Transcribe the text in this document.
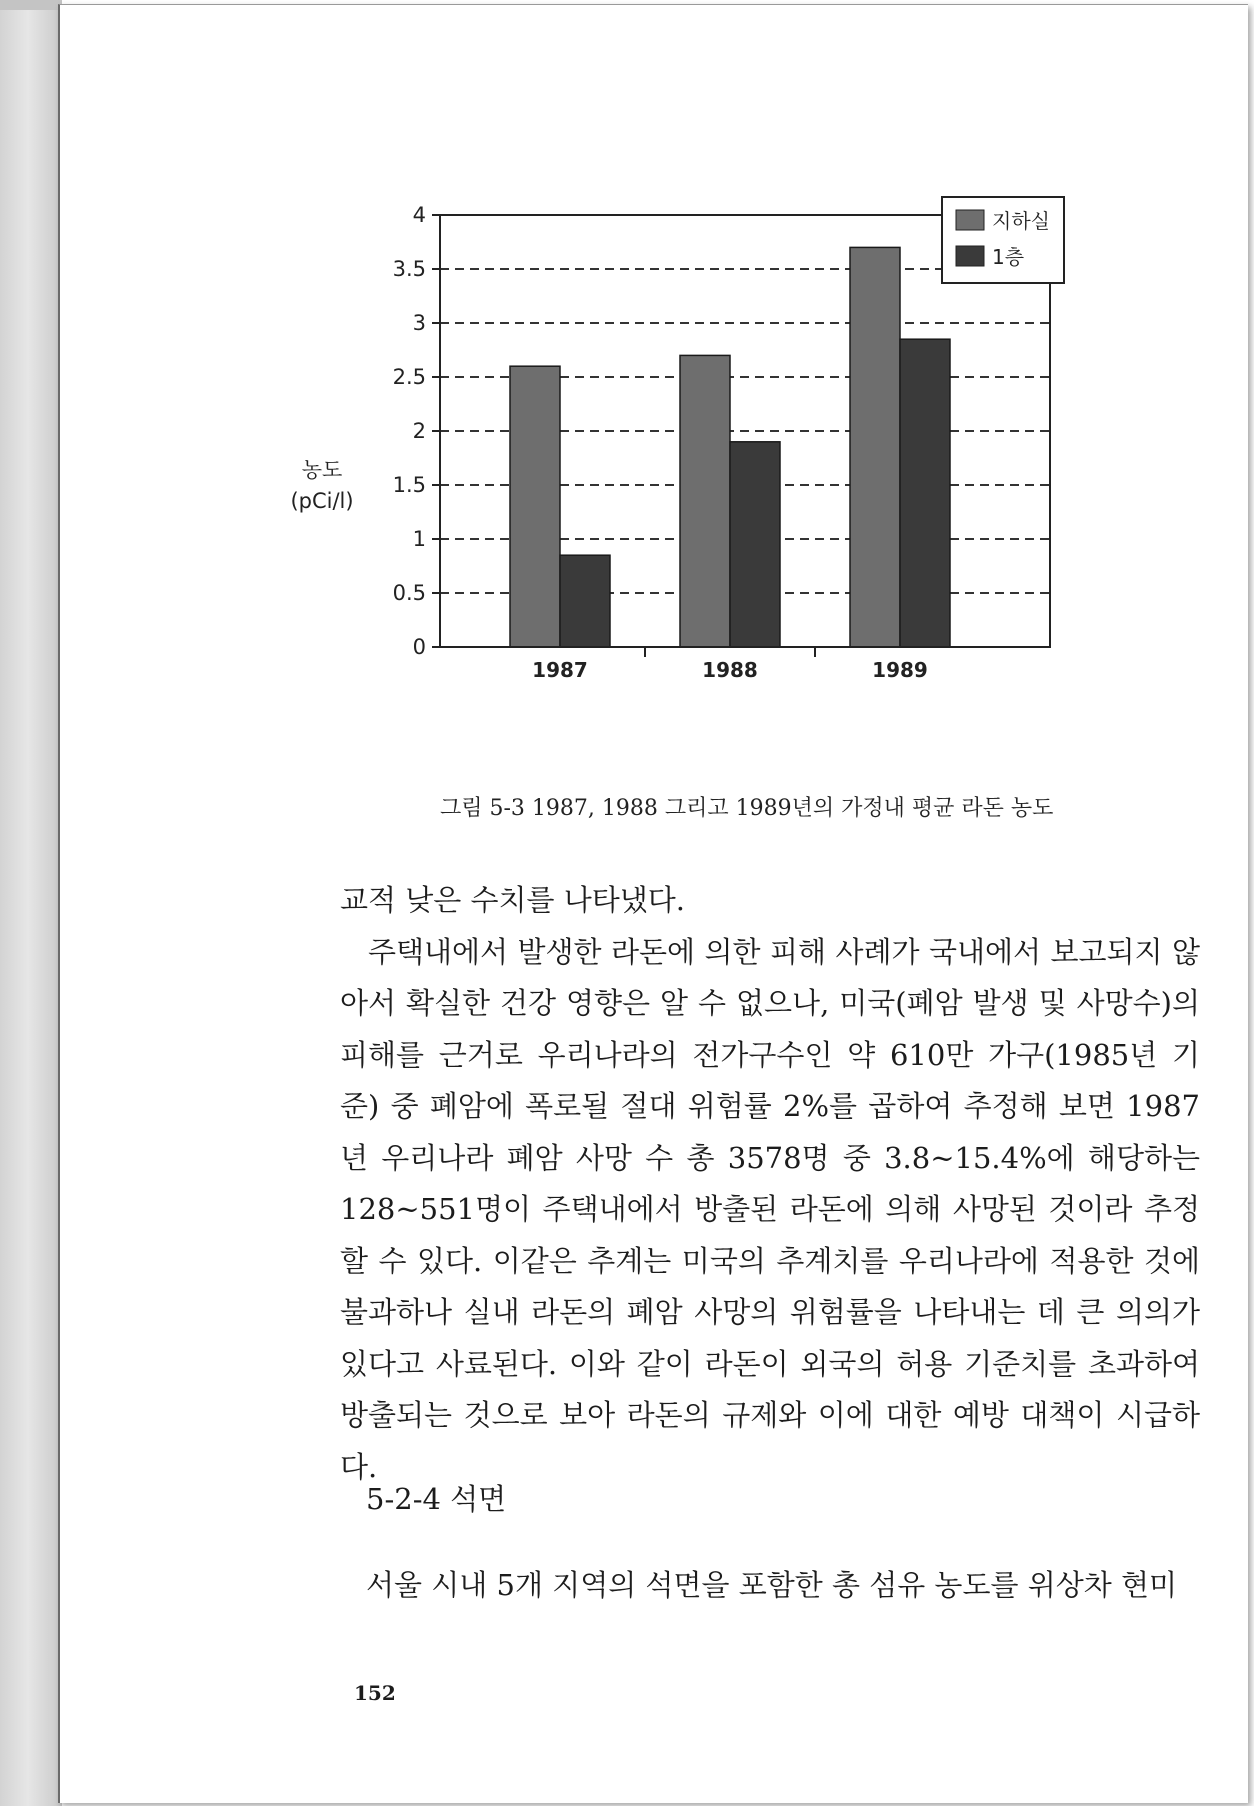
0
0.5
1
1.5
2
2.5
3
3.5
4
1987	1988	1989
농도
(pCi/l)
지하실
1층
그림 5-3 1987, 1988 그리고 1989년의 가정내 평균 라돈 농도

교적 낮은 수치를 나타냈다.

주택내에서 발생한 라돈에 의한 피해 사례가 국내에서 보고되지 않아서 확실한 건강 영향은 알 수 없으나, 미국(폐암 발생 및 사망수)의 피해를 근거로 우리나라의 전가구수인 약 610만 가구(1985년 기준) 중 폐암에 폭로될 절대 위험률 2%를 곱하여 추정해 보면 1987년 우리나라 폐암 사망 수 총 3578명 중 3.8~15.4%에 해당하는 128~551명이 주택내에서 방출된 라돈에 의해 사망된 것이라 추정할 수 있다. 이같은 추계는 미국의 추계치를 우리나라에 적용한 것에 불과하나 실내 라돈의 폐암 사망의 위험률을 나타내는 데 큰 의의가 있다고 사료된다. 이와 같이 라돈이 외국의 허용 기준치를 초과하여 방출되는 것으로 보아 라돈의 규제와 이에 대한 예방 대책이 시급하다.

5-2-4 석면
서울 시내 5개 지역의 석면을 포함한 총 섬유 농도를 위상차 현미
152
